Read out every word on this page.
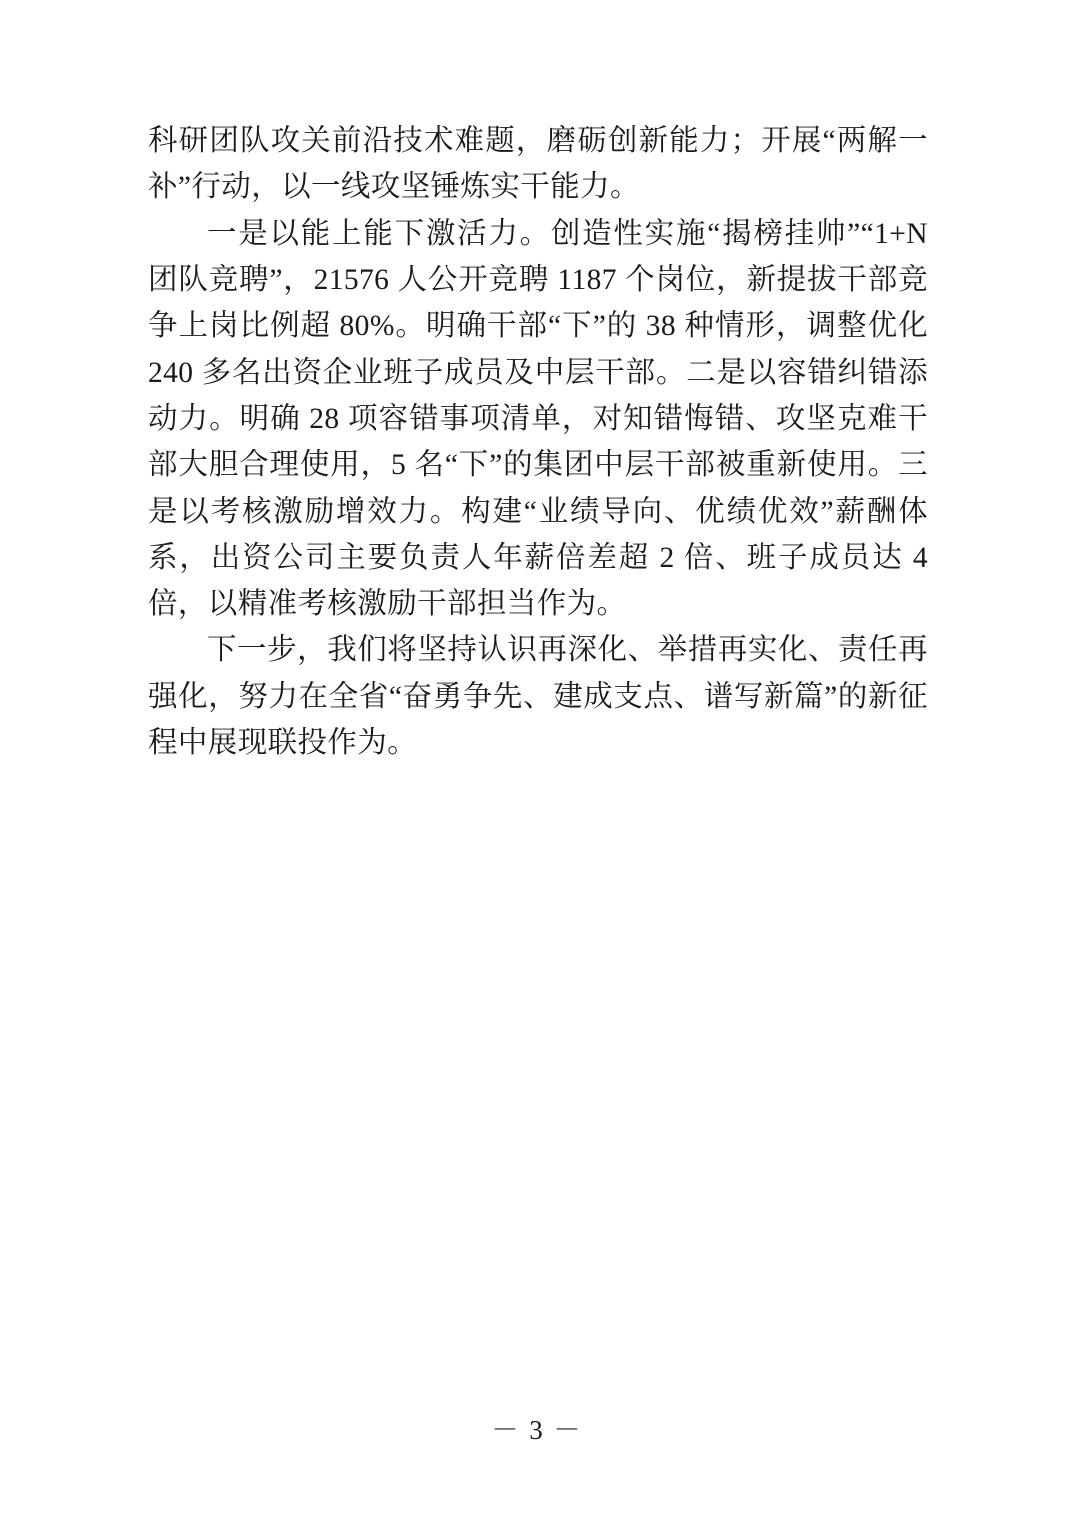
科研团队攻关前沿技术难题，磨砺创新能力；开展“两解一补”行动，以一线攻坚锤炼实干能力。

一是以能上能下激活力。创造性实施“揭榜挂帅”“1+N 团队竞聘”，21576 人公开竞聘 1187 个岗位，新提拔干部竞争上岗比例超 80%。明确干部“下”的 38 种情形，调整优化 240 多名出资企业班子成员及中层干部。二是以容错纠错添动力。明确 28 项容错事项清单，对知错悔错、攻坚克难干部大胆合理使用，5 名“下”的集团中层干部被重新使用。三是以考核激励增效力。构建“业绩导向、优绩优效”薪酬体系，出资公司主要负责人年薪倍差超 2 倍、班子成员达 4 倍，以精准考核激励干部担当作为。

下一步，我们将坚持认识再深化、举措再实化、责任再强化，努力在全省“奋勇争先、建成支点、谱写新篇”的新征程中展现联投作为。

－ 3 －
